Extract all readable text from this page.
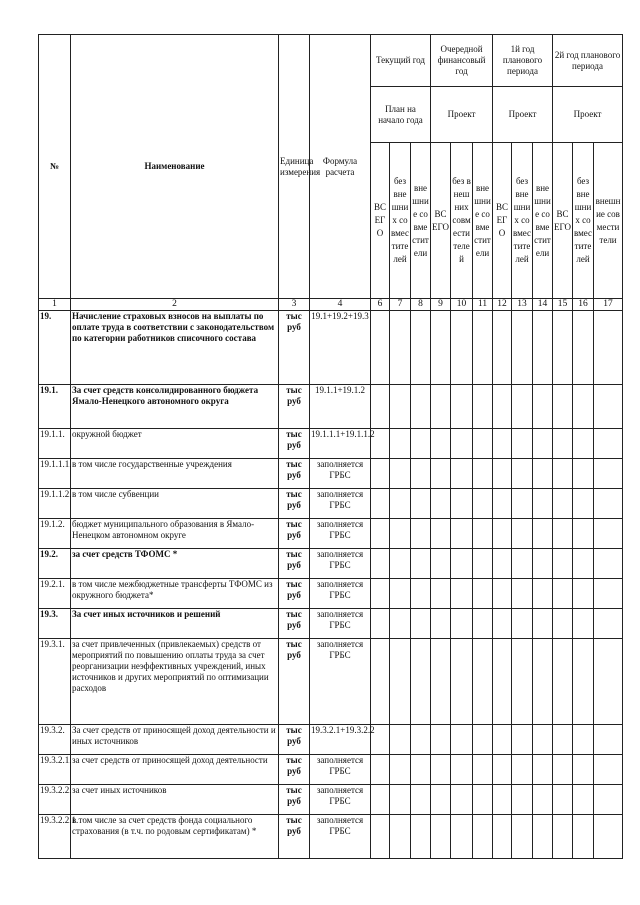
№	Наименование	Единица измерения	Формула расчета	Текущий год			Очередной финансовый год			1й год планового периода			2й год планового периода		
				План на начало года			Проект			Проект			Проект		
				ВСЕГО	без внешних совместителей	внешние совместители	ВСЕГО	без внешних совместителей	внешние совместители	ВСЕГО	без внешних совместителей	внешние совместители	ВСЕГО	без внешних совместителей	внешние совместители
1	2	3	4	6	7	8	9	10	11	12	13	14	15	16	17
19.	Начисление страховых взносов на выплаты по оплате труда в соответствии с законодательством по категории работников списочного состава	тыс руб	19.1+19.2+19.3												
19.1.	За счет средств консолидированного бюджета Ямало-Ненецкого автономного округа	тыс руб	19.1.1+19.1.2												
19.1.1.	окружной бюджет	тыс руб	19.1.1.1+19.1.1.2												
19.1.1.1.	в том числе государственные учреждения	тыс руб	заполняется ГРБС												
19.1.1.2.	в том числе субвенции	тыс руб	заполняется ГРБС												
19.1.2.	бюджет муниципального образования в Ямало-Ненецком автономном округе	тыс руб	заполняется ГРБС												
19.2.	за счет средств ТФОМС *	тыс руб	заполняется ГРБС												
19.2.1.	в том числе межбюджетные трансферты ТФОМС из окружного бюджета*	тыс руб	заполняется ГРБС												
19.3.	За счет иных источников и решений	тыс руб	заполняется ГРБС												
19.3.1.	за счет привлеченных (привлекаемых) средств от мероприятий по повышению оплаты труда за счет реорганизации неэффективных учреждений, иных источников и других мероприятий по оптимизации расходов	тыс руб	заполняется ГРБС												
19.3.2.	За счет средств от приносящей доход деятельности и иных источников	тыс руб	19.3.2.1+19.3.2.2												
19.3.2.1.	за счет средств от приносящей доход деятельности	тыс руб	заполняется ГРБС												
19.3.2.2.	за счет иных источников	тыс руб	заполняется ГРБС												
19.3.2.2.1.	в том числе за счет средств фонда социального страхования (в т.ч. по родовым сертификатам) *	тыс руб	заполняется ГРБС												
